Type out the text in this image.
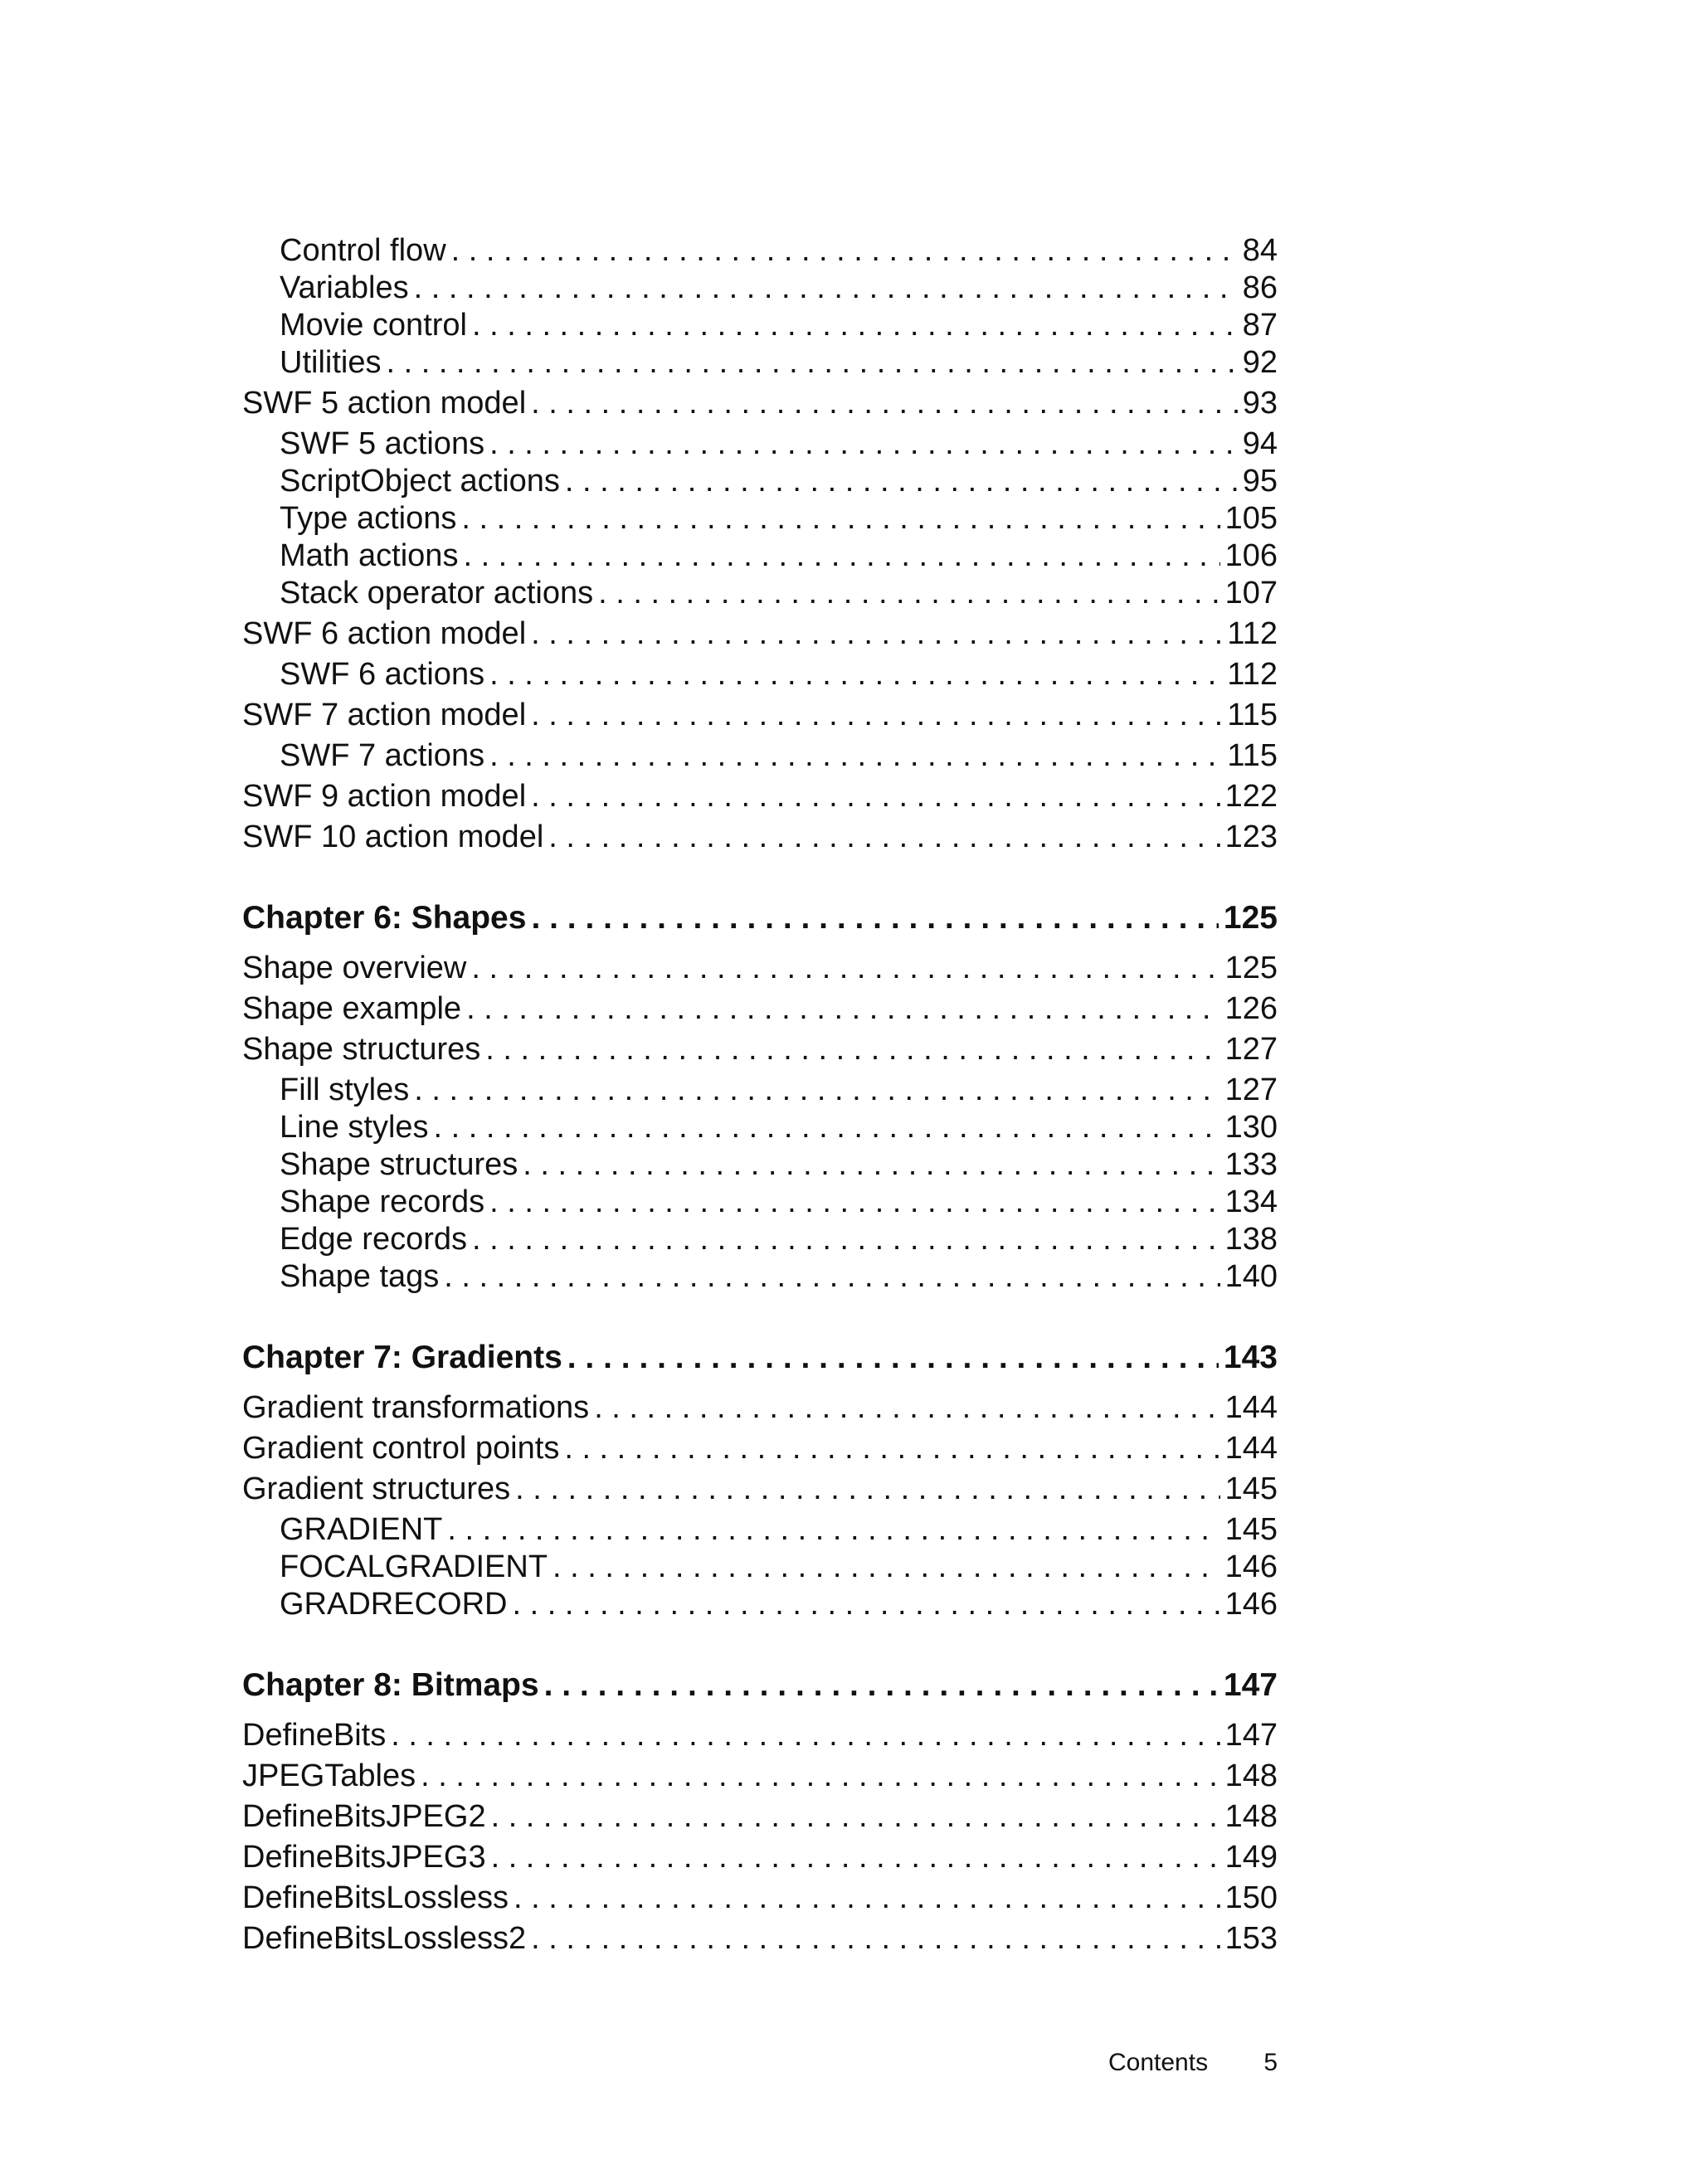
Control flow . . .	84
Variables . . .	86
Movie control . . .	87
Utilities . . .	92
SWF 5 action model . . .	93
SWF 5 actions . . .	94
ScriptObject actions . . .	95
Type actions . . .	105
Math actions . . .	106
Stack operator actions . . .	107
SWF 6 action model . . .	112
SWF 6 actions . . .	112
SWF 7 action model . . .	115
SWF 7 actions . . .	115
SWF 9 action model . . .	122
SWF 10 action model . . .	123
Chapter 6: Shapes . . .	125
Shape overview . . .	125
Shape example . . .	126
Shape structures . . .	127
Fill styles . . .	127
Line styles . . .	130
Shape structures . . .	133
Shape records . . .	134
Edge records . . .	138
Shape tags . . .	140
Chapter 7: Gradients . . .	143
Gradient transformations . . .	144
Gradient control points . . .	144
Gradient structures . . .	145
GRADIENT . . .	145
FOCALGRADIENT . . .	146
GRADRECORD . . .	146
Chapter 8: Bitmaps . . .	147
DefineBits . . .	147
JPEGTables . . .	148
DefineBitsJPEG2 . . .	148
DefineBitsJPEG3 . . .	149
DefineBitsLossless . . .	150
DefineBitsLossless2 . . .	153
Contents 5
